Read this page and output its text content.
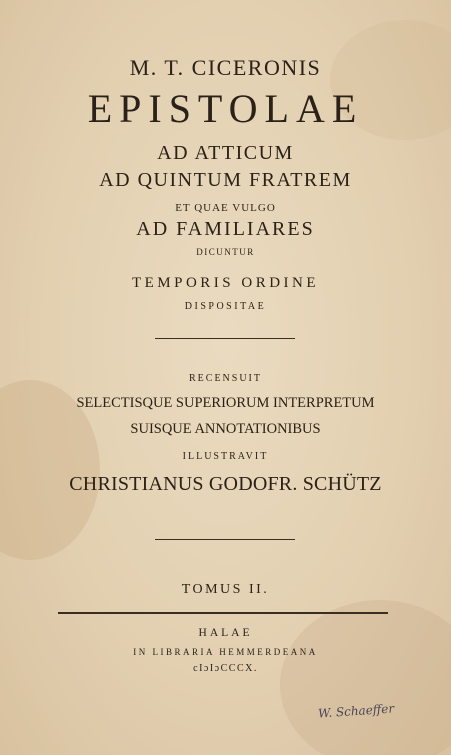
M. T. CICERONIS
EPISTOLAE
AD ATTICUM
AD QUINTUM FRATREM
ET QUAE VULGO
AD FAMILIARES
DICUNTUR
TEMPORIS ORDINE
DISPOSITAE
RECENSUIT
SELECTISQUE SUPERIORUM INTERPRETUM
SUISQUE ANNOTATIONIBUS
ILLUSTRAVIT
CHRISTIANUS GODOFR. SCHÜTZ
TOMUS II.
HALAE
IN LIBRARIA HEMMERDEANA
cIɔIɔCCCX.
W. Schaeffer
